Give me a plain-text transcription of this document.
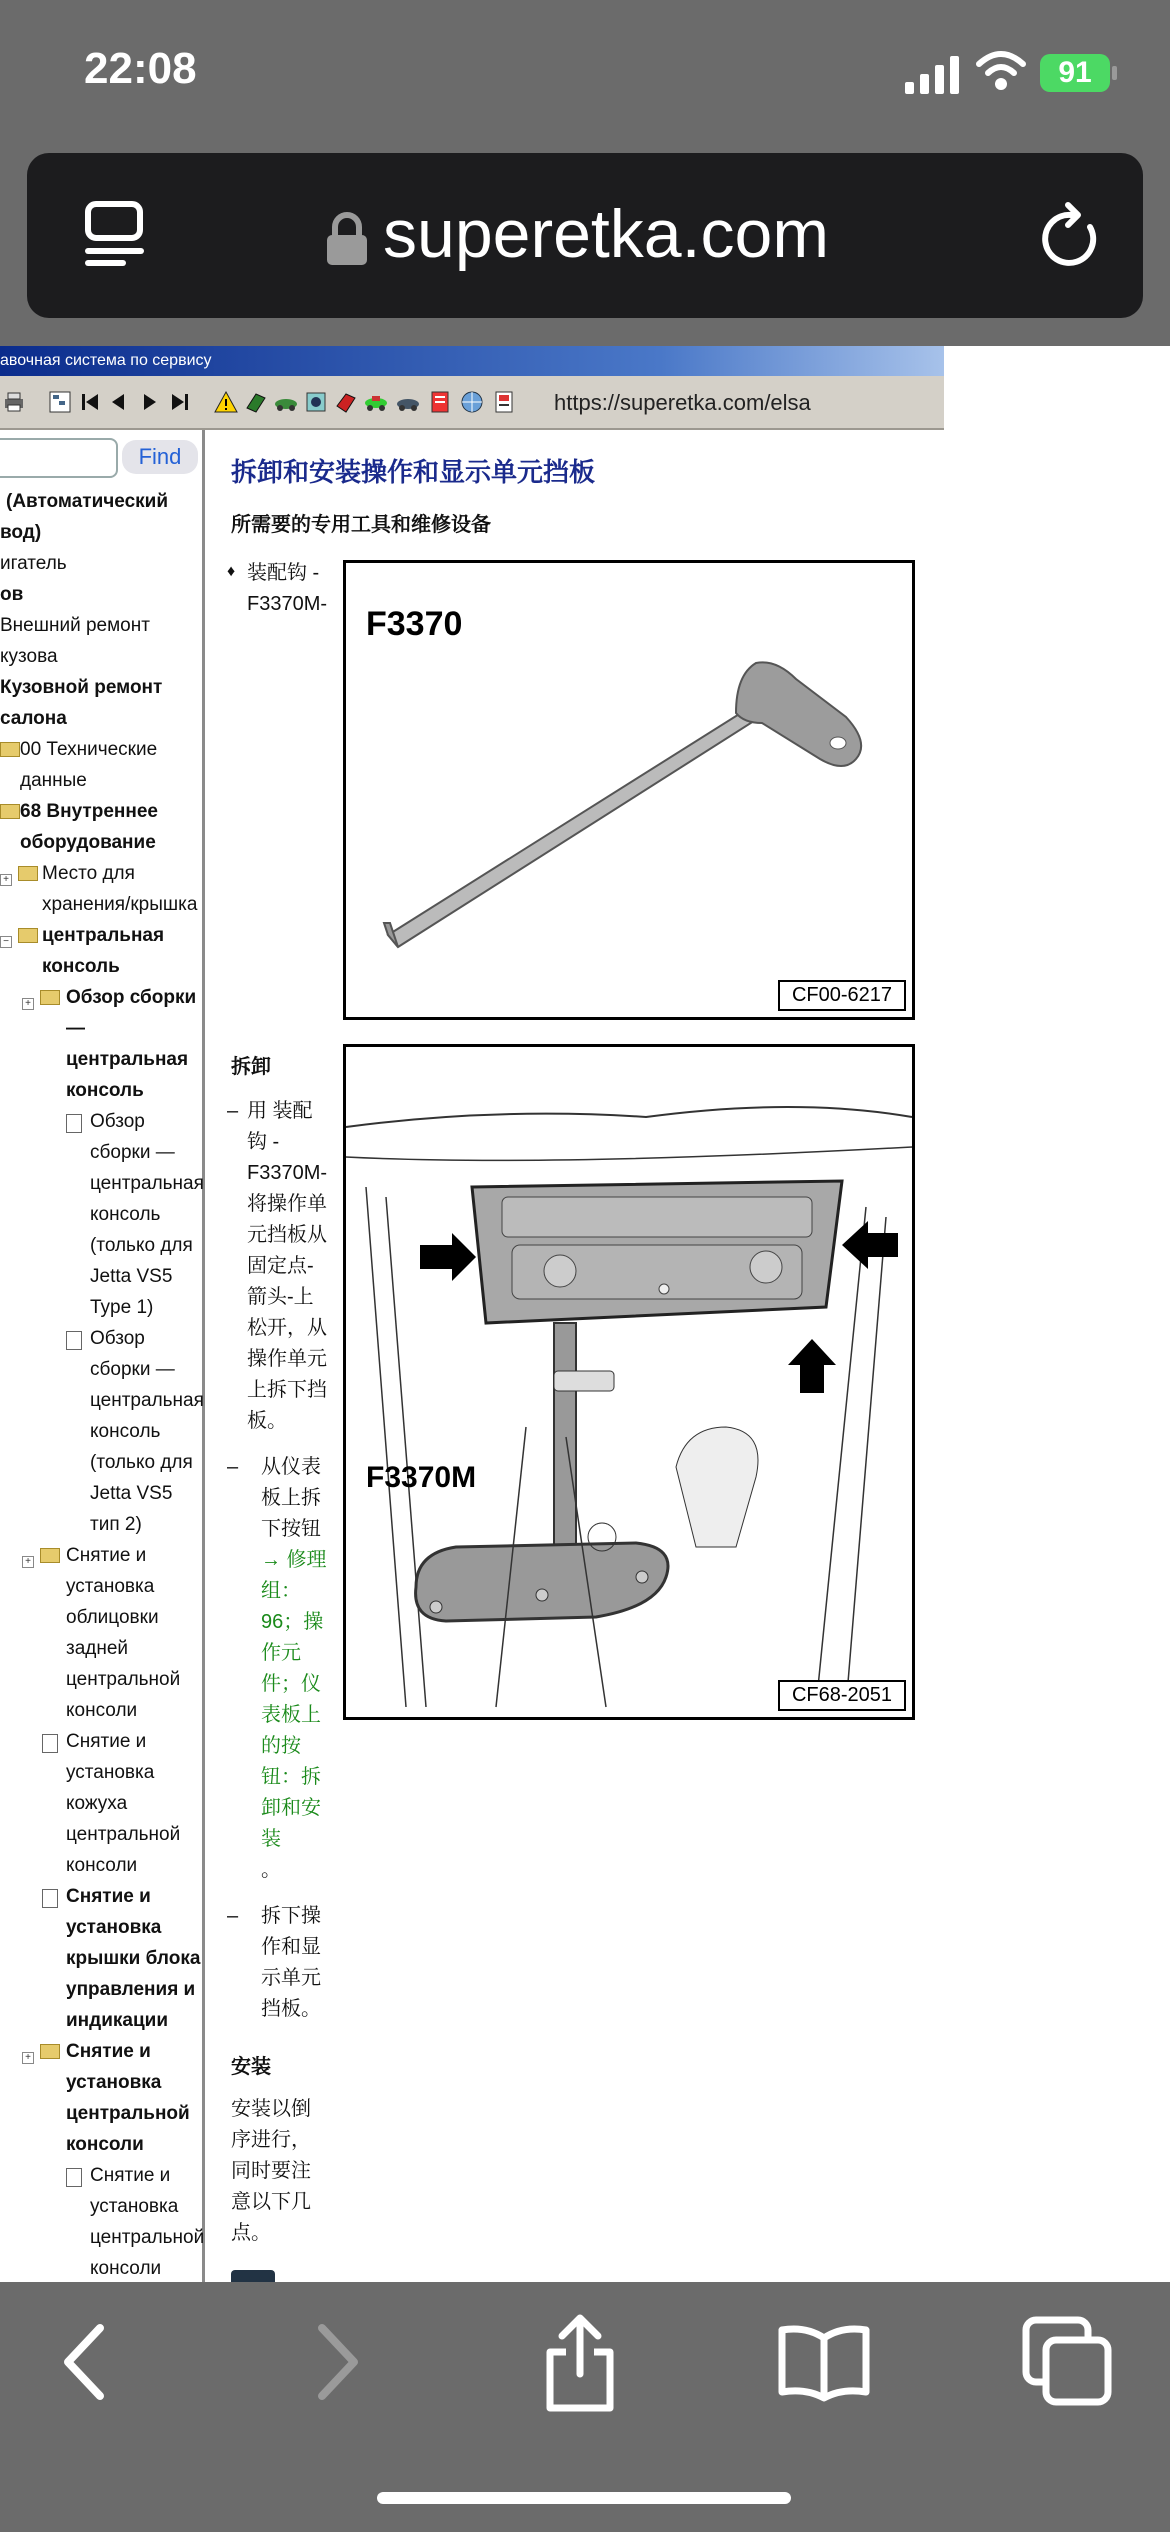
22:08	91
superetka.com
авочная система по сервису
https://superetka.com/elsa
Find
(Автоматический
вод)
игатель
ов
Внешний ремонт
кузова
Кузовной ремонт
салона
00 Технические
данные
68 Внутреннее
оборудование
+ Место для
хранения/крышка
− центральная
консоль
+ Обзор сборки
—
центральная
консоль
Обзор
сборки —
центральная
консоль
(только для
Jetta VS5
Type 1)
Обзор
сборки —
центральная
консоль
(только для
Jetta VS5
тип 2)
+ Снятие и
установка
облицовки
задней
центральной
консоли
Снятие и
установка
кожуха
центральной
консоли
Снятие и
установка
крышки блока
управления и
индикации
+ Снятие и
установка
центральной
консоли
Снятие и
установка
центральной
консоли
拆卸和安装操作和显示单元挡板
所需要的专用工具和维修设备
♦ 装配钩 -
F3370M-
F3370
CF00-6217
拆卸
– 用 装配
钩 -
F3370M-
将操作单
元挡板从
固定点-
箭头-上
松开，从
操作单元
上拆下挡
板。
– 从仪表
板上拆
下按钮
→ 修理
组：
96；操
作元
件；仪
表板上
的按
钮：拆
卸和安
装
。
– 拆下操
作和显
示单元
挡板。
安装
安装以倒
序进行，
同时要注
意以下几
点。
F3370M
CF68-2051
